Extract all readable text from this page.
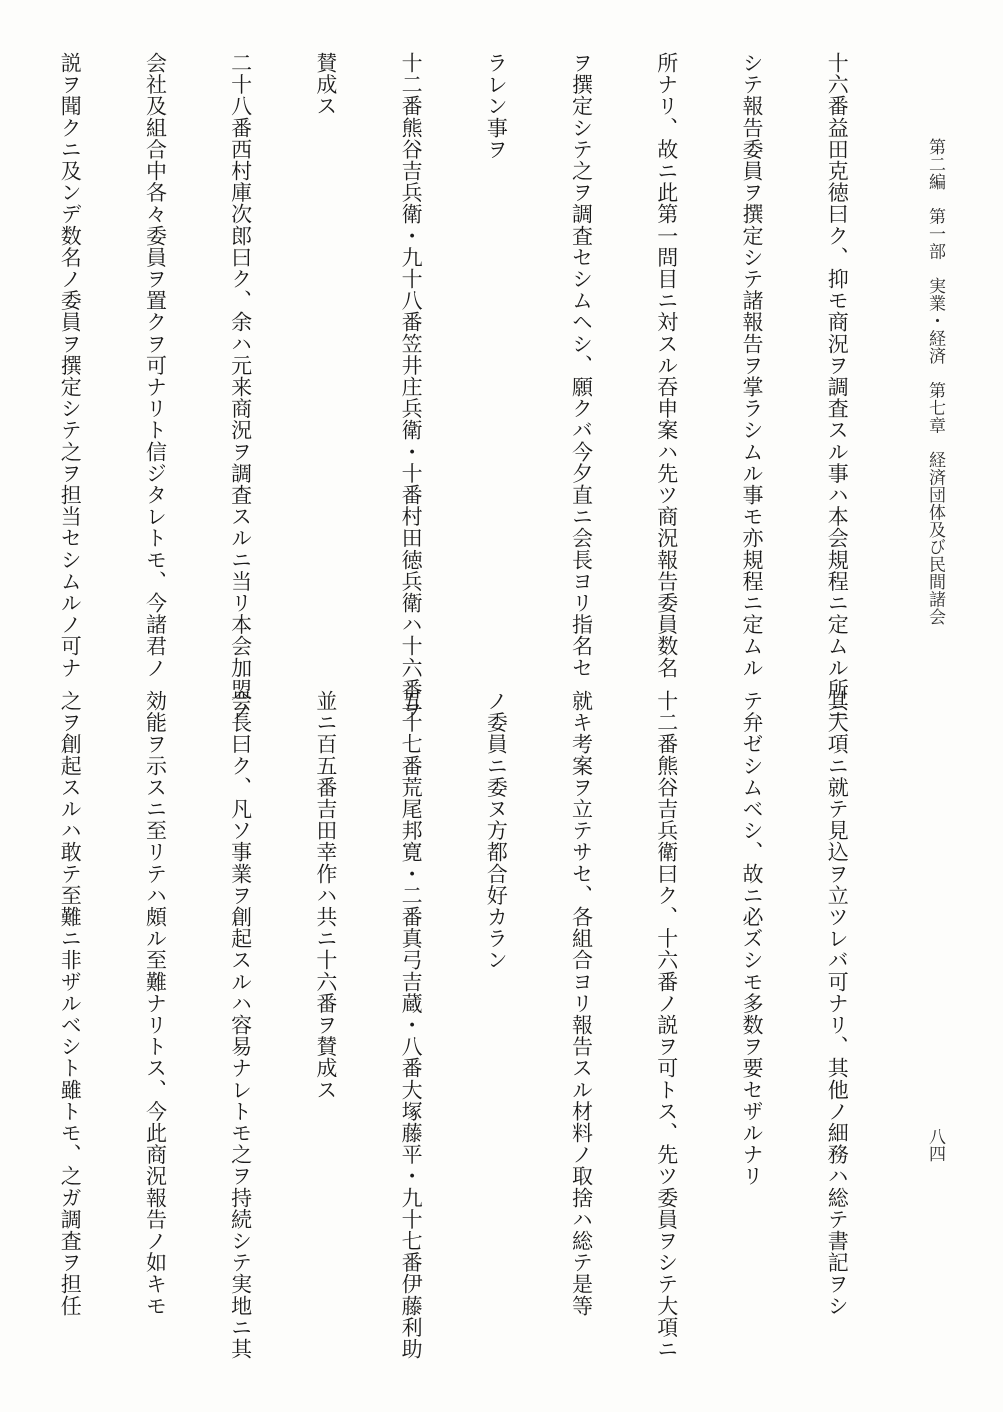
第二編　第一部　実業・経済　第七章　経済団体及び民間諸会
八四

十六番益田克徳曰ク、抑モ商況ヲ調査スル事ハ本会規程ニ定ムル所ニ

シテ報告委員ヲ撰定シテ諸報告ヲ掌ラシムル事モ亦規程ニ定ムル

所ナリ、故ニ此第一問目ニ対スル吞申案ハ先ツ商況報告委員数名

ヲ撰定シテ之ヲ調査セシムヘシ、願クバ今夕直ニ会長ヨリ指名セ

ラレン事ヲ

十二番熊谷吉兵衛・九十八番笠井庄兵衛・十番村田徳兵衛ハ十六番ヲ

賛成ス

二十八番西村庫次郎曰ク、余ハ元来商況ヲ調査スルニ当リ本会加盟ノ

会社及組合中各々委員ヲ置クヲ可ナリト信ジタレトモ、今諸君ノ

説ヲ聞クニ及ンデ数名ノ委員ヲ撰定シテ之ヲ担当セシムルノ可ナ

其大項ニ就テ見込ヲ立ツレバ可ナリ、其他ノ細務ハ総テ書記ヲシ

テ弁ゼシムベシ、故ニ必ズシモ多数ヲ要セザルナリ

十二番熊谷吉兵衛曰ク、十六番ノ説ヲ可トス、先ツ委員ヲシテ大項ニ

就キ考案ヲ立テサセ、各組合ヨリ報告スル材料ノ取捨ハ総テ是等

ノ委員ニ委ヌ方都合好カラン

五十七番荒尾邦寛・二番真弓吉蔵・八番大塚藤平・九十七番伊藤利助

並ニ百五番吉田幸作ハ共ニ十六番ヲ賛成ス

会長曰ク、凡ソ事業ヲ創起スルハ容易ナレトモ之ヲ持続シテ実地ニ其

効能ヲ示スニ至リテハ頗ル至難ナリトス、今此商況報告ノ如キモ

之ヲ創起スルハ敢テ至難ニ非ザルベシト雖トモ、之ガ調査ヲ担任
